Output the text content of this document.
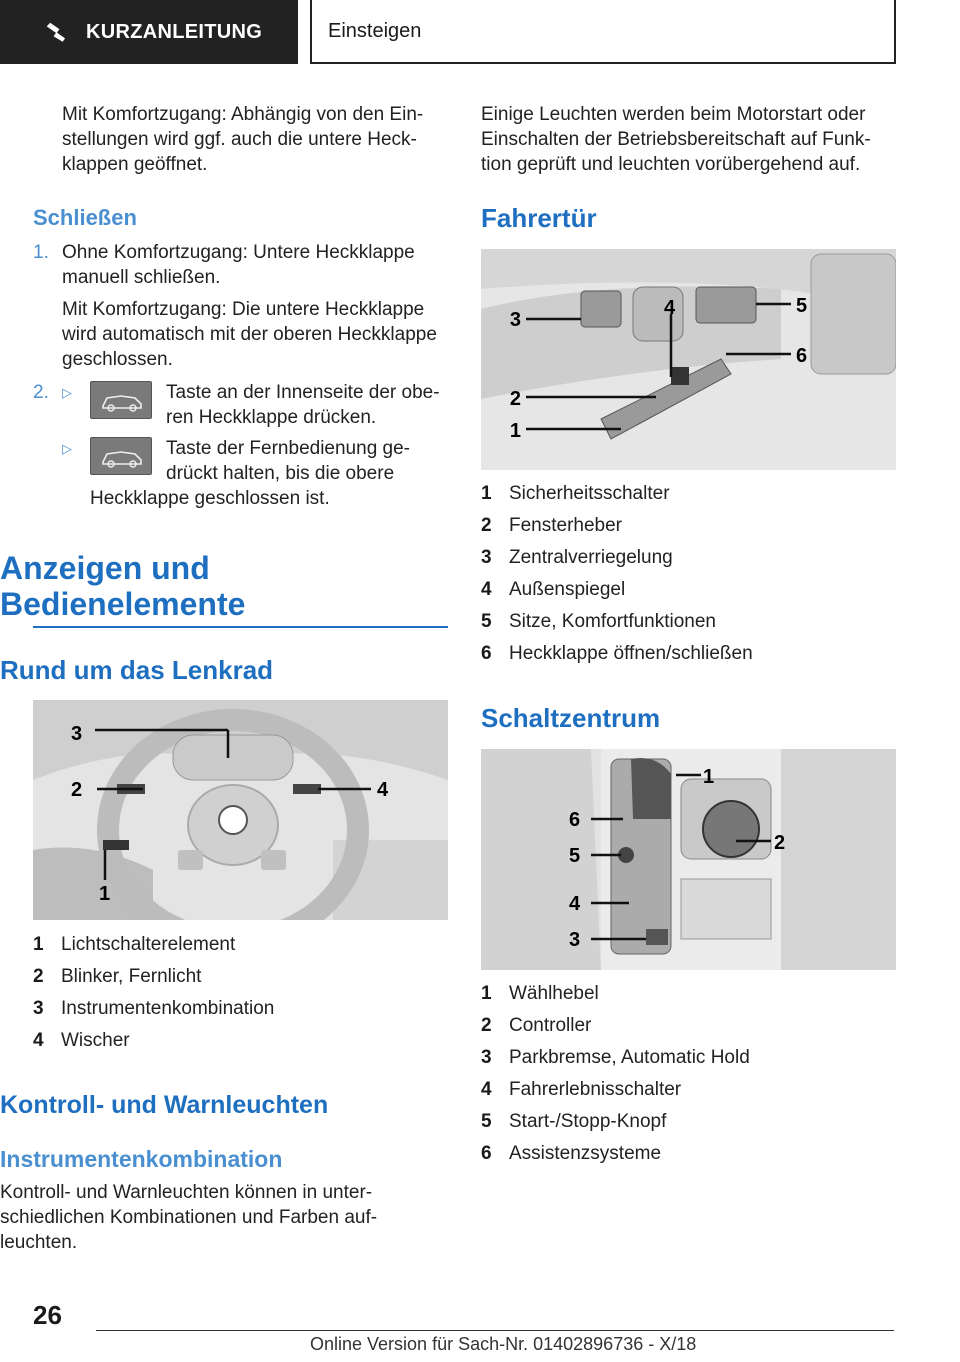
KURZANLEITUNG	Einsteigen
Mit Komfortzugang: Abhängig von den Ein-
stellungen wird ggf. auch die untere Heck-
klappen geöffnet.
Schließen
1. Ohne Komfortzugang: Untere Heckklappe
manuell schließen.
Mit Komfortzugang: Die untere Heckklappe
wird automatisch mit der oberen Heckklappe
geschlossen.
2. ▷	Taste an der Innenseite der obe-
ren Heckklappe drücken.
▷	Taste der Fernbedienung ge-
drückt halten, bis die obere
Heckklappe geschlossen ist.
Anzeigen und
Bedienelemente
Rund um das Lenkrad
3
2	4
1
1 Lichtschalterelement
2 Blinker, Fernlicht
3 Instrumentenkombination
4 Wischer
Kontroll- und Warnleuchten
Instrumentenkombination
Kontroll- und Warnleuchten können in unter-
schiedlichen Kombinationen und Farben auf-
leuchten.
Einige Leuchten werden beim Motorstart oder
Einschalten der Betriebsbereitschaft auf Funk-
tion geprüft und leuchten vorübergehend auf.
Fahrertür
3
4	5
6
2
1
1 Sicherheitsschalter
2 Fensterheber
3 Zentralverriegelung
4 Außenspiegel
5 Sitze, Komfortfunktionen
6 Heckklappe öffnen/schließen
Schaltzentrum
1
2
6
5
4
3
1 Wählhebel
2 Controller
3 Parkbremse, Automatic Hold
4 Fahrerlebnisschalter
5 Start-/Stopp-Knopf
6 Assistenzsysteme
26
Online Version für Sach-Nr. 01402896736 - X/18
